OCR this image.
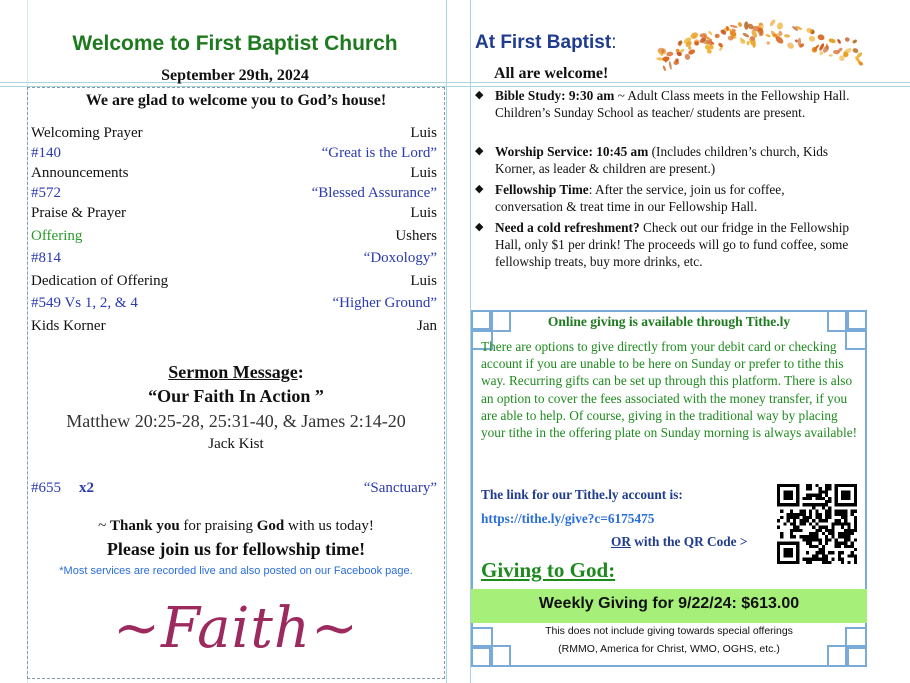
Welcome to First Baptist Church
September 29th, 2024
We are glad to welcome you to God’s house!
Welcoming Prayer	Luis
#140	“Great is the Lord”
Announcements	Luis
#572	“Blessed Assurance”
Praise & Prayer	Luis
Offering	Ushers
#814	“Doxology”
Dedication of Offering	Luis
#549 Vs 1, 2, & 4	“Higher Ground”
Kids Korner	Jan
Sermon Message:
“Our Faith In Action ”
Matthew 20:25-28, 25:31-40, & James 2:14-20
Jack Kist
#655 x2	“Sanctuary”
~ Thank you for praising God with us today!
Please join us for fellowship time!
*Most services are recorded live and also posted on our Facebook page.
~Faith~
At First Baptist:
All are welcome!
◆ Bible Study: 9:30 am ~ Adult Class meets in the Fellowship Hall. Children’s Sunday School as teacher/ students are present.
◆ Worship Service: 10:45 am (Includes children’s church, Kids Korner, as leader & children are present.)
◆ Fellowship Time: After the service, join us for coffee, conversation & treat time in our Fellowship Hall.
◆ Need a cold refreshment? Check out our fridge in the Fellowship Hall, only $1 per drink! The proceeds will go to fund coffee, some fellowship treats, buy more drinks, etc.
Online giving is available through Tithe.ly
There are options to give directly from your debit card or checking account if you are unable to be here on Sunday or prefer to tithe this way. Recurring gifts can be set up through this platform. There is also an option to cover the fees associated with the money transfer, if you are able to help. Of course, giving in the traditional way by placing your tithe in the offering plate on Sunday morning is always available!
The link for our Tithe.ly account is:
https://tithe.ly/give?c=6175475
OR with the QR Code >
Giving to God:
Weekly Giving for 9/22/24: $613.00
This does not include giving towards special offerings
(RMMO, America for Christ, WMO, OGHS, etc.)
